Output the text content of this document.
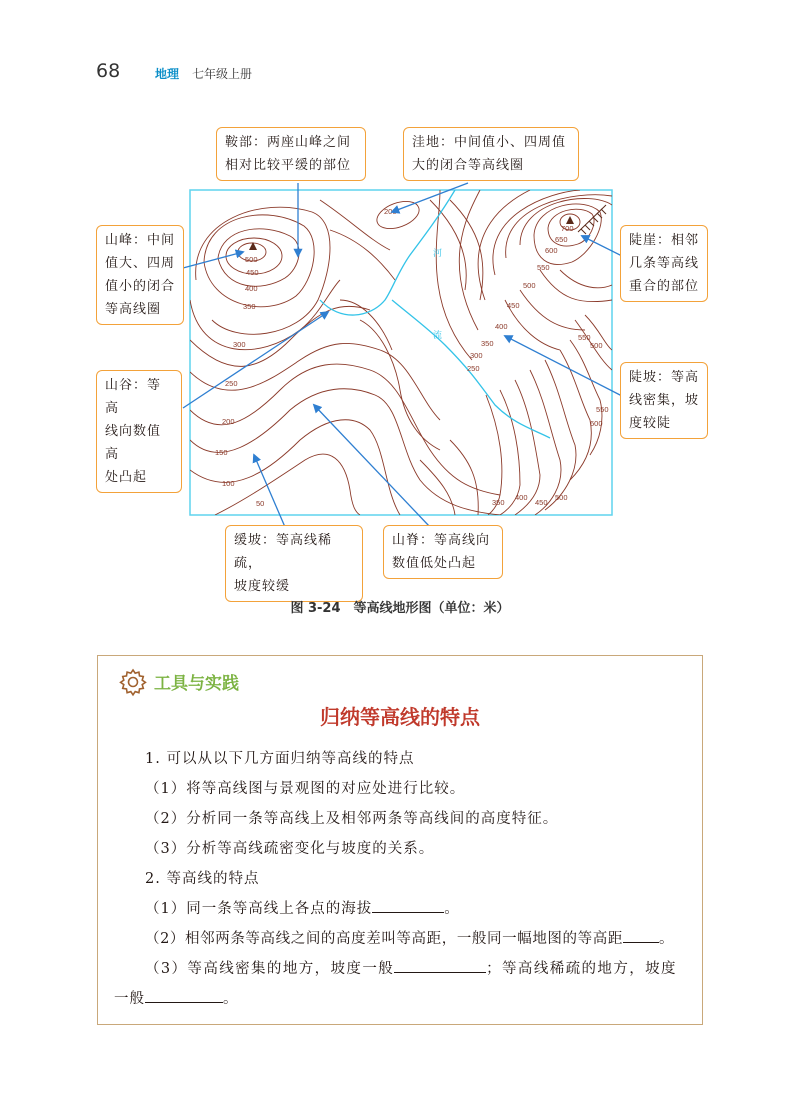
68	地理 七年级上册
河
流
500
450
400
350
300
250
200
150
100
50
200
700
650
600
550
500
450
400
350
300
250
550
500
550
600
500
450
400
350
鞍部：两座山峰之间
相对比较平缓的部位
洼地：中间值小、四周值
大的闭合等高线圈
山峰：中间
值大、四周
值小的闭合
等高线圈
陡崖：相邻
几条等高线
重合的部位
山谷：等高
线向数值高
处凸起
陡坡：等高
线密集，坡
度较陡
缓坡：等高线稀疏，
坡度较缓
山脊：等高线向
数值低处凸起
图 3-24　等高线地形图（单位：米）
工具与实践
归纳等高线的特点
1. 可以从以下几方面归纳等高线的特点
（1）将等高线图与景观图的对应处进行比较。
（2）分析同一条等高线上及相邻两条等高线间的高度特征。
（3）分析等高线疏密变化与坡度的关系。
2. 等高线的特点
（1）同一条等高线上各点的海拔	。
（2）相邻两条等高线之间的高度差叫等高距，一般同一幅地图的等高距 。
（3）等高线密集的地方，坡度一般	；等高线稀疏的地方，坡度
一般	。
